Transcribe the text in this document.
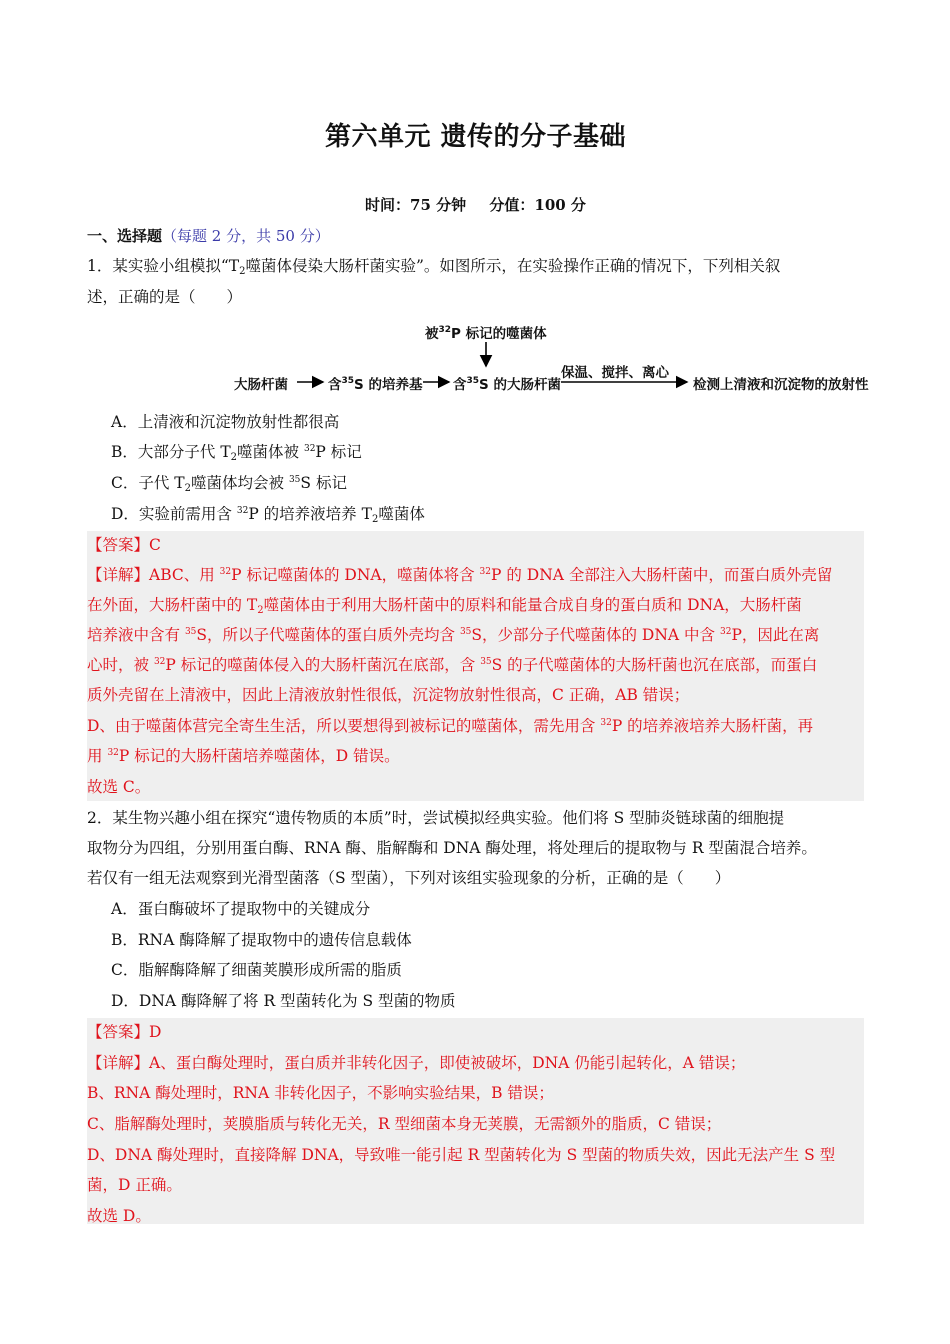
第六单元 遗传的分子基础
时间：75 分钟 分值：100 分
一、选择题（每题 2 分，共 50 分）
1．某实验小组模拟“$T_2$噬菌体侵染大肠杆菌实验”。如图所示，在实验操作正确的情况下，下列相关叙
述，正确的是（　　）
被$^{32}$P 标记的噬菌体
大肠杆菌	含$^{35}$S 的培养基 含$^{35}$S 的大肠杆菌
保温、搅拌、离心
检测上清液和沉淀物的放射性
A．上清液和沉淀物放射性都很高
B．大部分子代 $T_2$噬菌体被 $^{32}$P 标记
C．子代 $T_2$噬菌体均会被 $^{35}$S 标记
D．实验前需用含 $^{32}$P 的培养液培养 $T_2$噬菌体
【答案】C
【详解】ABC、用 $^{32}$P 标记噬菌体的 DNA，噬菌体将含 $^{32}$P 的 DNA 全部注入大肠杆菌中，而蛋白质外壳留
在外面，大肠杆菌中的 $T_2$噬菌体由于利用大肠杆菌中的原料和能量合成自身的蛋白质和 DNA，大肠杆菌
培养液中含有 $^{35}$S，所以子代噬菌体的蛋白质外壳均含 $^{35}$S，少部分子代噬菌体的 DNA 中含 $^{32}$P，因此在离
心时，被 $^{32}$P 标记的噬菌体侵入的大肠杆菌沉在底部，含 $^{35}$S 的子代噬菌体的大肠杆菌也沉在底部，而蛋白
质外壳留在上清液中，因此上清液放射性很低，沉淀物放射性很高，C 正确，AB 错误；
D、由于噬菌体营完全寄生生活，所以要想得到被标记的噬菌体，需先用含 $^{32}$P 的培养液培养大肠杆菌，再
用 $^{32}$P 标记的大肠杆菌培养噬菌体，D 错误。
故选 C。
2．某生物兴趣小组在探究“遗传物质的本质”时，尝试模拟经典实验。他们将 S 型肺炎链球菌的细胞提
取物分为四组，分别用蛋白酶、RNA 酶、脂解酶和 DNA 酶处理，将处理后的提取物与 R 型菌混合培养。
若仅有一组无法观察到光滑型菌落（S 型菌），下列对该组实验现象的分析，正确的是（　　）
A．蛋白酶破坏了提取物中的关键成分
B．RNA 酶降解了提取物中的遗传信息载体
C．脂解酶降解了细菌荚膜形成所需的脂质
D．DNA 酶降解了将 R 型菌转化为 S 型菌的物质
【答案】D
【详解】A、蛋白酶处理时，蛋白质并非转化因子，即使被破坏，DNA 仍能引起转化，A 错误；
B、RNA 酶处理时，RNA 非转化因子，不影响实验结果，B 错误；
C、脂解酶处理时，荚膜脂质与转化无关，R 型细菌本身无荚膜，无需额外的脂质，C 错误；
D、DNA 酶处理时，直接降解 DNA，导致唯一能引起 R 型菌转化为 S 型菌的物质失效，因此无法产生 S 型
菌，D 正确。
故选 D。
